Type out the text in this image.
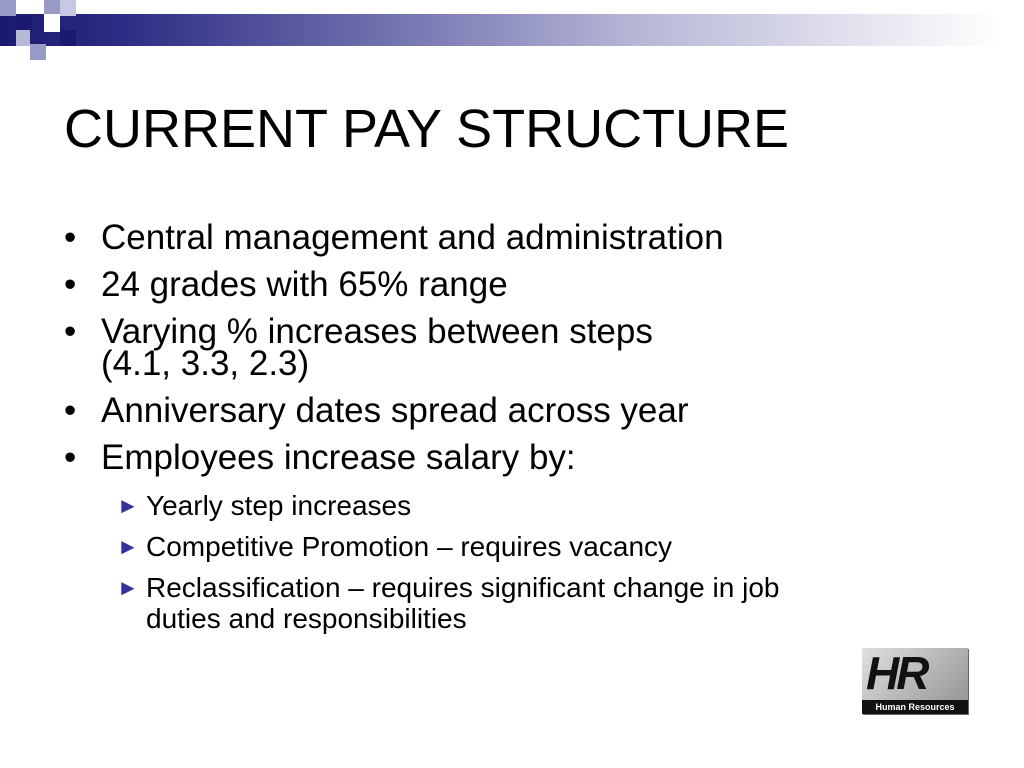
CURRENT PAY STRUCTURE
• Central management and administration
• 24 grades with 65% range
• Varying % increases between steps
(4.1, 3.3, 2.3)
• Anniversary dates spread across year
• Employees increase salary by:
► Yearly step increases
► Competitive Promotion – requires vacancy
► Reclassification – requires significant change in job
duties and responsibilities
HR
Human Resources
